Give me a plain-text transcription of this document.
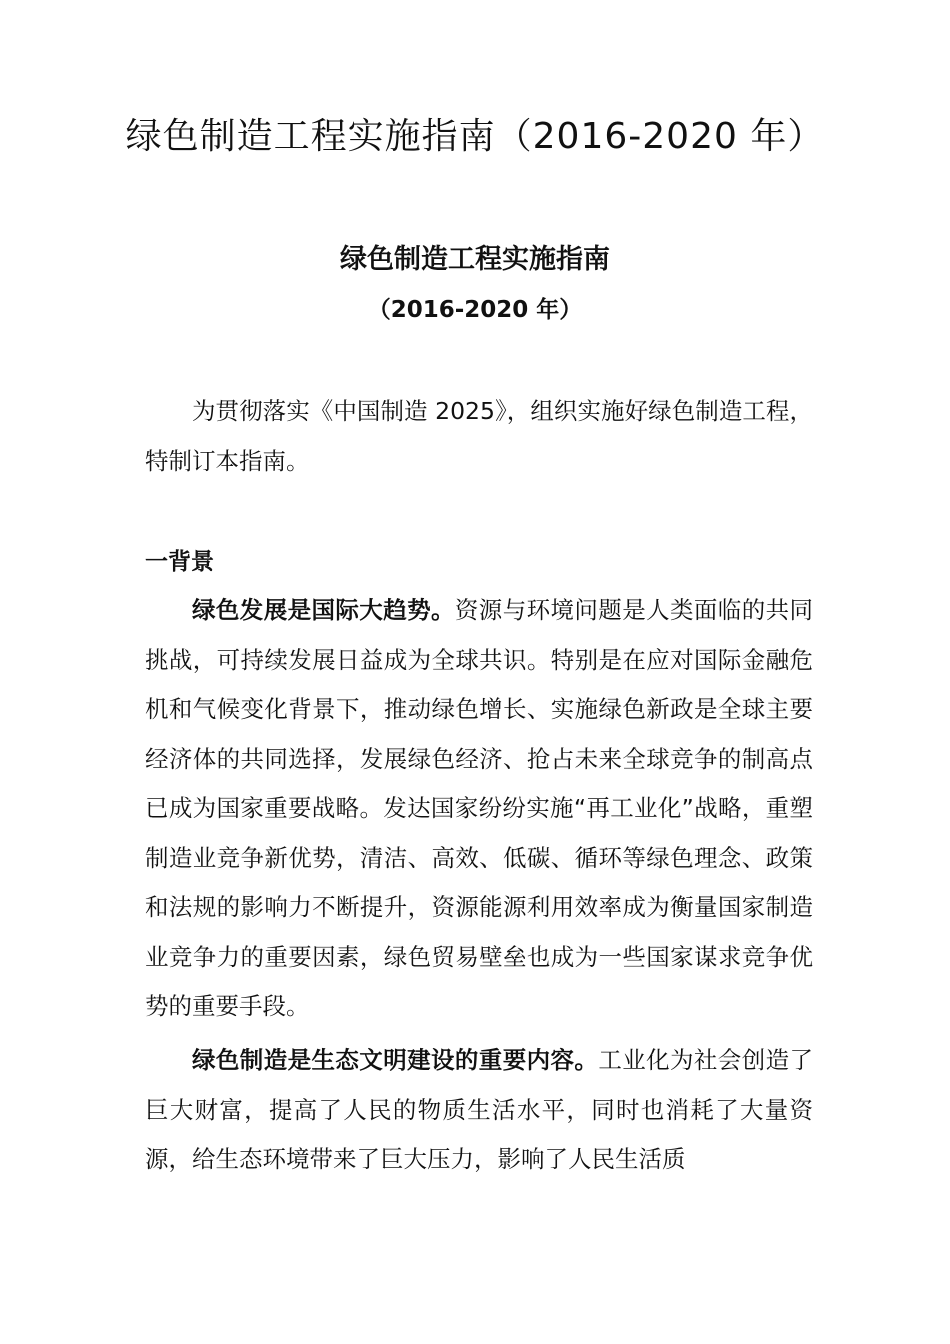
绿色制造工程实施指南（2016-2020 年）
绿色制造工程实施指南
（2016-2020 年）

为贯彻落实《中国制造 2025》，组织实施好绿色制造工程，特制订本指南。

一背景

绿色发展是国际大趋势。资源与环境问题是人类面临的共同挑战，可持续发展日益成为全球共识。特别是在应对国际金融危机和气候变化背景下，推动绿色增长、实施绿色新政是全球主要经济体的共同选择，发展绿色经济、抢占未来全球竞争的制高点已成为国家重要战略。发达国家纷纷实施“再工业化”战略，重塑制造业竞争新优势，清洁、高效、低碳、循环等绿色理念、政策和法规的影响力不断提升，资源能源利用效率成为衡量国家制造业竞争力的重要因素，绿色贸易壁垒也成为一些国家谋求竞争优势的重要手段。

绿色制造是生态文明建设的重要内容。工业化为社会创造了巨大财富，提高了人民的物质生活水平，同时也消耗了大量资源，给生态环境带来了巨大压力，影响了人民生活质
